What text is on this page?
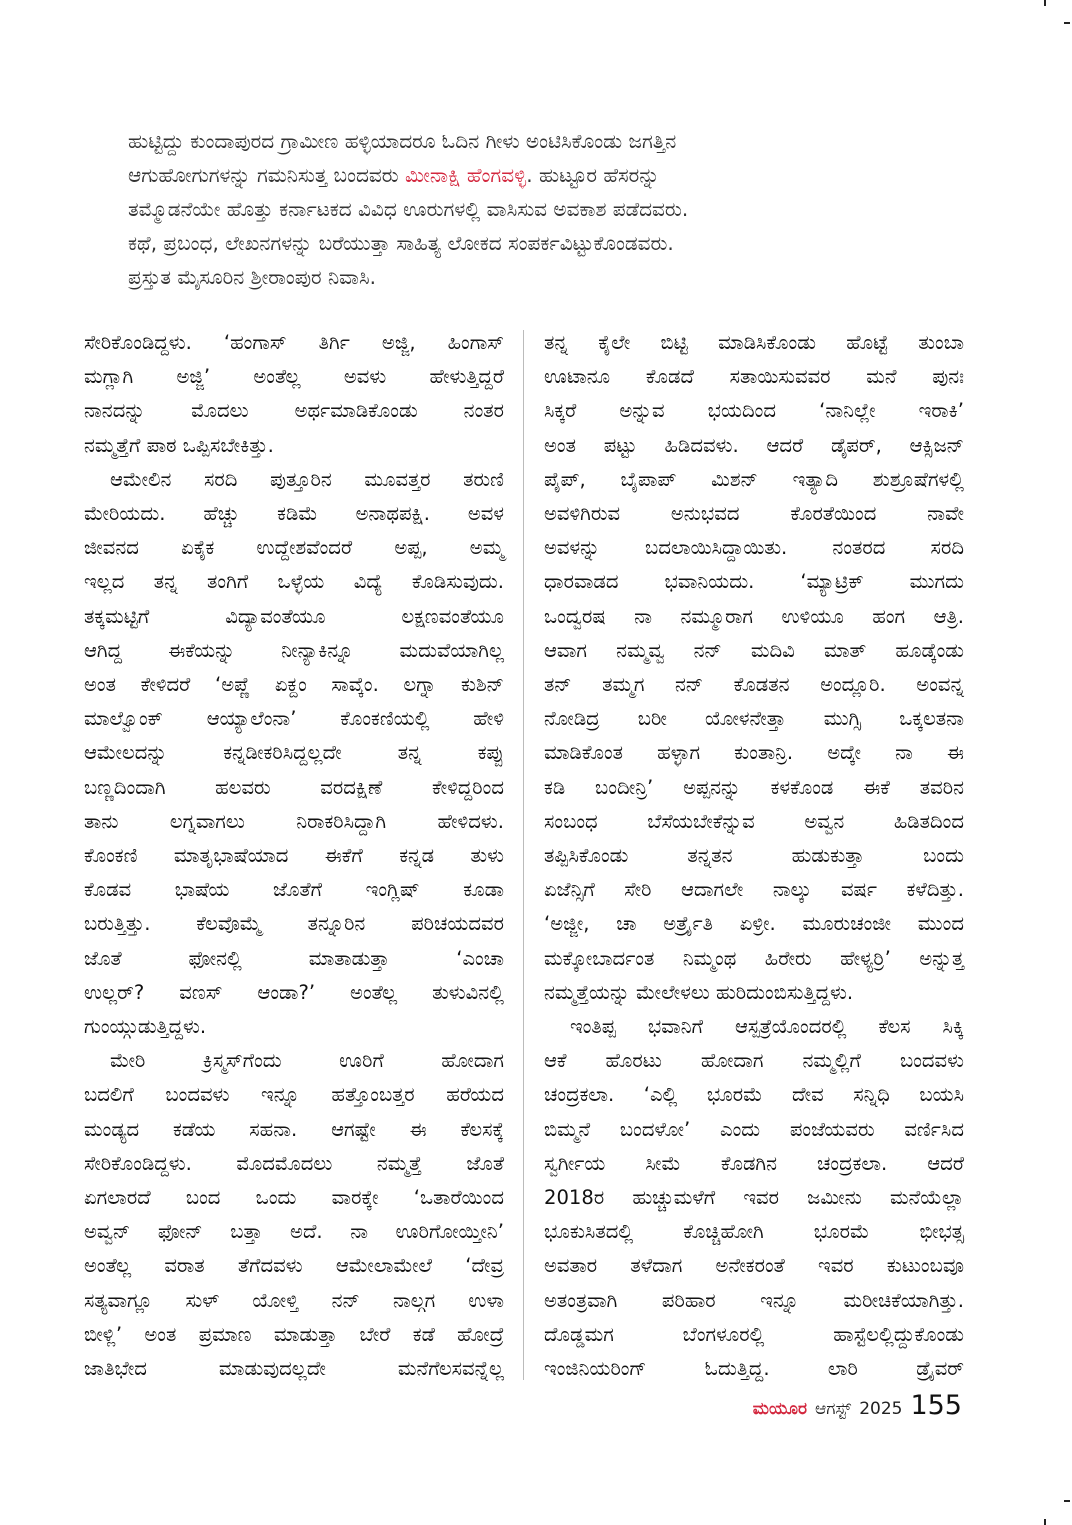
ಹುಟ್ಟಿದ್ದು ಕುಂದಾಪುರದ ಗ್ರಾಮೀಣ ಹಳ್ಳಿಯಾದರೂ ಓದಿನ ಗೀಳು ಅಂಟಿಸಿಕೊಂಡು ಜಗತ್ತಿನ
ಆಗುಹೋಗುಗಳನ್ನು ಗಮನಿಸುತ್ತ ಬಂದವರು ಮೀನಾಕ್ಷಿ ಹೆಂಗವಳ್ಳಿ. ಹುಟ್ಟೂರ ಹೆಸರನ್ನು
ತಮ್ಮೊಡನೆಯೇ ಹೊತ್ತು ಕರ್ನಾಟಕದ ವಿವಿಧ ಊರುಗಳಲ್ಲಿ ವಾಸಿಸುವ ಅವಕಾಶ ಪಡೆದವರು.
ಕಥೆ, ಪ್ರಬಂಧ, ಲೇಖನಗಳನ್ನು ಬರೆಯುತ್ತಾ ಸಾಹಿತ್ಯ ಲೋಕದ ಸಂಪರ್ಕವಿಟ್ಟುಕೊಂಡವರು.
ಪ್ರಸ್ತುತ ಮೈಸೂರಿನ ಶ್ರೀರಾಂಪುರ ನಿವಾಸಿ.
ಸೇರಿಕೊಂಡಿದ್ದಳು. ‘ಹಂಗಾಸ್ ತಿರ್ಗಿ ಅಜ್ಜಿ, ಹಿಂಗಾಸ್
ಮಗ್ಲಾಗಿ ಅಜ್ಜಿ’ ಅಂತೆಲ್ಲ ಅವಳು ಹೇಳುತ್ತಿದ್ದರೆ
ನಾನದನ್ನು ಮೊದಲು ಅರ್ಥಮಾಡಿಕೊಂಡು ನಂತರ
ನಮ್ಮತ್ತೆಗೆ ಪಾಠ ಒಪ್ಪಿಸಬೇಕಿತ್ತು.
ಆಮೇಲಿನ ಸರದಿ ಪುತ್ತೂರಿನ ಮೂವತ್ತರ ತರುಣಿ
ಮೇರಿಯದು. ಹೆಚ್ಚು ಕಡಿಮೆ ಅನಾಥಪಕ್ಷಿ. ಅವಳ
ಜೀವನದ ಏಕೈಕ ಉದ್ದೇಶವೆಂದರೆ ಅಪ್ಪ, ಅಮ್ಮ
ಇಲ್ಲದ ತನ್ನ ತಂಗಿಗೆ ಒಳ್ಳೆಯ ವಿದ್ಯೆ ಕೊಡಿಸುವುದು.
ತಕ್ಕಮಟ್ಟಿಗೆ ವಿದ್ಯಾವಂತೆಯೂ ಲಕ್ಷಣವಂತೆಯೂ
ಆಗಿದ್ದ ಈಕೆಯನ್ನು ನೀನ್ಯಾಕಿನ್ನೂ ಮದುವೆಯಾಗಿಲ್ಲ
ಅಂತ ಕೇಳಿದರೆ ‘ಅಪ್ಣೆ ಏಕ್ದಂ ಸಾವ್ಕೆಂ. ಲಗ್ನಾ ಕುಶಿನ್
ಮಾಲ್ವೊಂಕ್ ಆಯ್ಯಾಲೆಂನಾ’ ಕೊಂಕಣಿಯಲ್ಲಿ ಹೇಳಿ
ಆಮೇಲದನ್ನು ಕನ್ನಡೀಕರಿಸಿದ್ದಲ್ಲದೇ ತನ್ನ ಕಪ್ಪು
ಬಣ್ಣದಿಂದಾಗಿ ಹಲವರು ವರದಕ್ಷಿಣೆ ಕೇಳಿದ್ದರಿಂದ
ತಾನು ಲಗ್ನವಾಗಲು ನಿರಾಕರಿಸಿದ್ದಾಗಿ ಹೇಳಿದಳು.
ಕೊಂಕಣಿ ಮಾತೃಭಾಷೆಯಾದ ಈಕೆಗೆ ಕನ್ನಡ ತುಳು
ಕೊಡವ ಭಾಷೆಯ ಜೊತೆಗೆ ಇಂಗ್ಲಿಷ್ ಕೂಡಾ
ಬರುತ್ತಿತ್ತು. ಕೆಲವೊಮ್ಮೆ ತನ್ನೂರಿನ ಪರಿಚಯದವರ
ಜೊತೆ ಫೋನಲ್ಲಿ ಮಾತಾಡುತ್ತಾ ‘ಎಂಚಾ
ಉಲ್ಲರ್? ವಣಸ್ ಆಂಡಾ?’ ಅಂತೆಲ್ಲ ತುಳುವಿನಲ್ಲಿ
ಗುಂಯ್ಗುಡುತ್ತಿದ್ದಳು.
ಮೇರಿ ಕ್ರಿಸ್ಮಸ್‌ಗೆಂದು ಊರಿಗೆ ಹೋದಾಗ
ಬದಲಿಗೆ ಬಂದವಳು ಇನ್ನೂ ಹತ್ತೊಂಬತ್ತರ ಹರೆಯದ
ಮಂಡ್ಯದ ಕಡೆಯ ಸಹನಾ. ಆಗಷ್ಟೇ ಈ ಕೆಲಸಕ್ಕೆ
ಸೇರಿಕೊಂಡಿದ್ದಳು. ಮೊದಮೊದಲು ನಮ್ಮತ್ತೆ ಜೊತೆ
ಏಗಲಾರದೆ ಬಂದ ಒಂದು ವಾರಕ್ಕೇ ‘ಒತಾರೆಯಿಂದ
ಅವ್ವನ್ ಫೋನ್ ಬತ್ತಾ ಅದೆ. ನಾ ಊರಿಗೋಯ್ತೀನಿ’
ಅಂತೆಲ್ಲ ವರಾತ ತೆಗೆದವಳು ಆಮೇಲಾಮೇಲೆ ‘ದೇವ್ರ
ಸತ್ಯವಾಗ್ಲೂ ಸುಳ್ ಯೋಳ್ತಿ ನನ್ ನಾಲ್ಗಗ ಉಳಾ
ಬೀಳ್ಲಿ’ ಅಂತ ಪ್ರಮಾಣ ಮಾಡುತ್ತಾ ಬೇರೆ ಕಡೆ ಹೋದ್ರೆ
ಜಾತಿಭೇದ ಮಾಡುವುದಲ್ಲದೇ ಮನೆಗೆಲಸವನ್ನೆಲ್ಲ
ತನ್ನ ಕೈಲೇ ಬಿಟ್ಟಿ ಮಾಡಿಸಿಕೊಂಡು ಹೊಟ್ಟೆ ತುಂಬಾ
ಊಟಾನೂ ಕೊಡದೆ ಸತಾಯಿಸುವವರ ಮನೆ ಪುನಃ
ಸಿಕ್ಕರೆ ಅನ್ನುವ ಭಯದಿಂದ ‘ನಾನಿಲ್ಲೇ ಇರಾಕಿ’
ಅಂತ ಪಟ್ಟು ಹಿಡಿದವಳು. ಆದರೆ ಡೈಪರ್, ಆಕ್ಸಿಜನ್
ಪೈಪ್, ಬೈಪಾಪ್ ಮಿಶನ್ ಇತ್ಯಾದಿ ಶುಶ್ರೂಷೆಗಳಲ್ಲಿ
ಅವಳಿಗಿರುವ ಅನುಭವದ ಕೊರತೆಯಿಂದ ನಾವೇ
ಅವಳನ್ನು ಬದಲಾಯಿಸಿದ್ದಾಯಿತು. ನಂತರದ ಸರದಿ
ಧಾರವಾಡದ ಭವಾನಿಯದು. ‘ಮ್ಯಾಟ್ರಿಕ್ ಮುಗದು
ಒಂದ್ವರಷ ನಾ ನಮ್ಮೂರಾಗ ಉಳಿಯೂ ಹಂಗ ಆತ್ರಿ.
ಆವಾಗ ನಮ್ಮವ್ವ ನನ್ ಮದಿವಿ ಮಾತ್ ಹೂಡ್ಕೆಂಡು
ತನ್ ತಮ್ಮಗ ನನ್ ಕೊಡತನ ಅಂದ್ಲೂರಿ. ಅಂವನ್ನ
ನೋಡಿದ್ರ ಬರೀ ಯೋಳನೇತ್ತಾ ಮುಗ್ಸಿ ಒಕ್ಕಲತನಾ
ಮಾಡಿಕೊಂತ ಹಳ್ಳಾಗ ಕುಂತಾನ್ರಿ. ಅದ್ಕೇ ನಾ ಈ
ಕಡಿ ಬಂದೀನ್ರಿ’ ಅಪ್ಪನನ್ನು ಕಳಕೊಂಡ ಈಕೆ ತವರಿನ
ಸಂಬಂಧ ಬೆಸೆಯಬೇಕೆನ್ನುವ ಅವ್ವನ ಹಿಡಿತದಿಂದ
ತಪ್ಪಿಸಿಕೊಂಡು ತನ್ನತನ ಹುಡುಕುತ್ತಾ ಬಂದು
ಏಜೆನ್ಸಿಗೆ ಸೇರಿ ಆದಾಗಲೇ ನಾಲ್ಕು ವರ್ಷ ಕಳೆದಿತ್ತು.
‘ಅಜ್ಜೀ, ಚಾ ಅರ್ತ್ರೈತಿ ಏಳ್ರೀ. ಮೂರುಚಂಜೀ ಮುಂದ
ಮಕ್ಕೋಬಾರ್ದಂತ ನಿಮ್ಮಂಥ ಹಿರೇರು ಹೇಳ್ಯರ್ರಿ’ ಅನ್ನುತ್ತ
ನಮ್ಮತ್ತೆಯನ್ನು ಮೇಲೇಳಲು ಹುರಿದುಂಬಿಸುತ್ತಿದ್ದಳು.
ಇಂತಿಪ್ಪ ಭವಾನಿಗೆ ಆಸ್ಪತ್ರೆಯೊಂದರಲ್ಲಿ ಕೆಲಸ ಸಿಕ್ಕಿ
ಆಕೆ ಹೊರಟು ಹೋದಾಗ ನಮ್ಮಲ್ಲಿಗೆ ಬಂದವಳು
ಚಂದ್ರಕಲಾ. ‘ಎಲ್ಲಿ ಭೂರಮೆ ದೇವ ಸನ್ನಿಧಿ ಬಯಸಿ
ಬಿಮ್ಮನೆ ಬಂದಳೋ’ ಎಂದು ಪಂಜೆಯವರು ವರ್ಣಿಸಿದ
ಸ್ವರ್ಗೀಯ ಸೀಮೆ ಕೊಡಗಿನ ಚಂದ್ರಕಲಾ. ಆದರೆ
2018ರ ಹುಚ್ಚುಮಳೆಗೆ ಇವರ ಜಮೀನು ಮನೆಯೆಲ್ಲಾ
ಭೂಕುಸಿತದಲ್ಲಿ ಕೊಚ್ಚಿಹೋಗಿ ಭೂರಮೆ ಭೀಭತ್ಸ
ಅವತಾರ ತಳೆದಾಗ ಅನೇಕರಂತೆ ಇವರ ಕುಟುಂಬವೂ
ಅತಂತ್ರವಾಗಿ ಪರಿಹಾರ ಇನ್ನೂ ಮರೀಚಿಕೆಯಾಗಿತ್ತು.
ದೊಡ್ಡಮಗ ಬೆಂಗಳೂರಲ್ಲಿ ಹಾಸ್ಟೆಲಲ್ಲಿದ್ದುಕೊಂಡು
ಇಂಜಿನಿಯರಿಂಗ್ ಓದುತ್ತಿದ್ದ. ಲಾರಿ ಡ್ರೈವರ್
ಮಯೂರ ಆಗಸ್ಟ್ 2025 155
